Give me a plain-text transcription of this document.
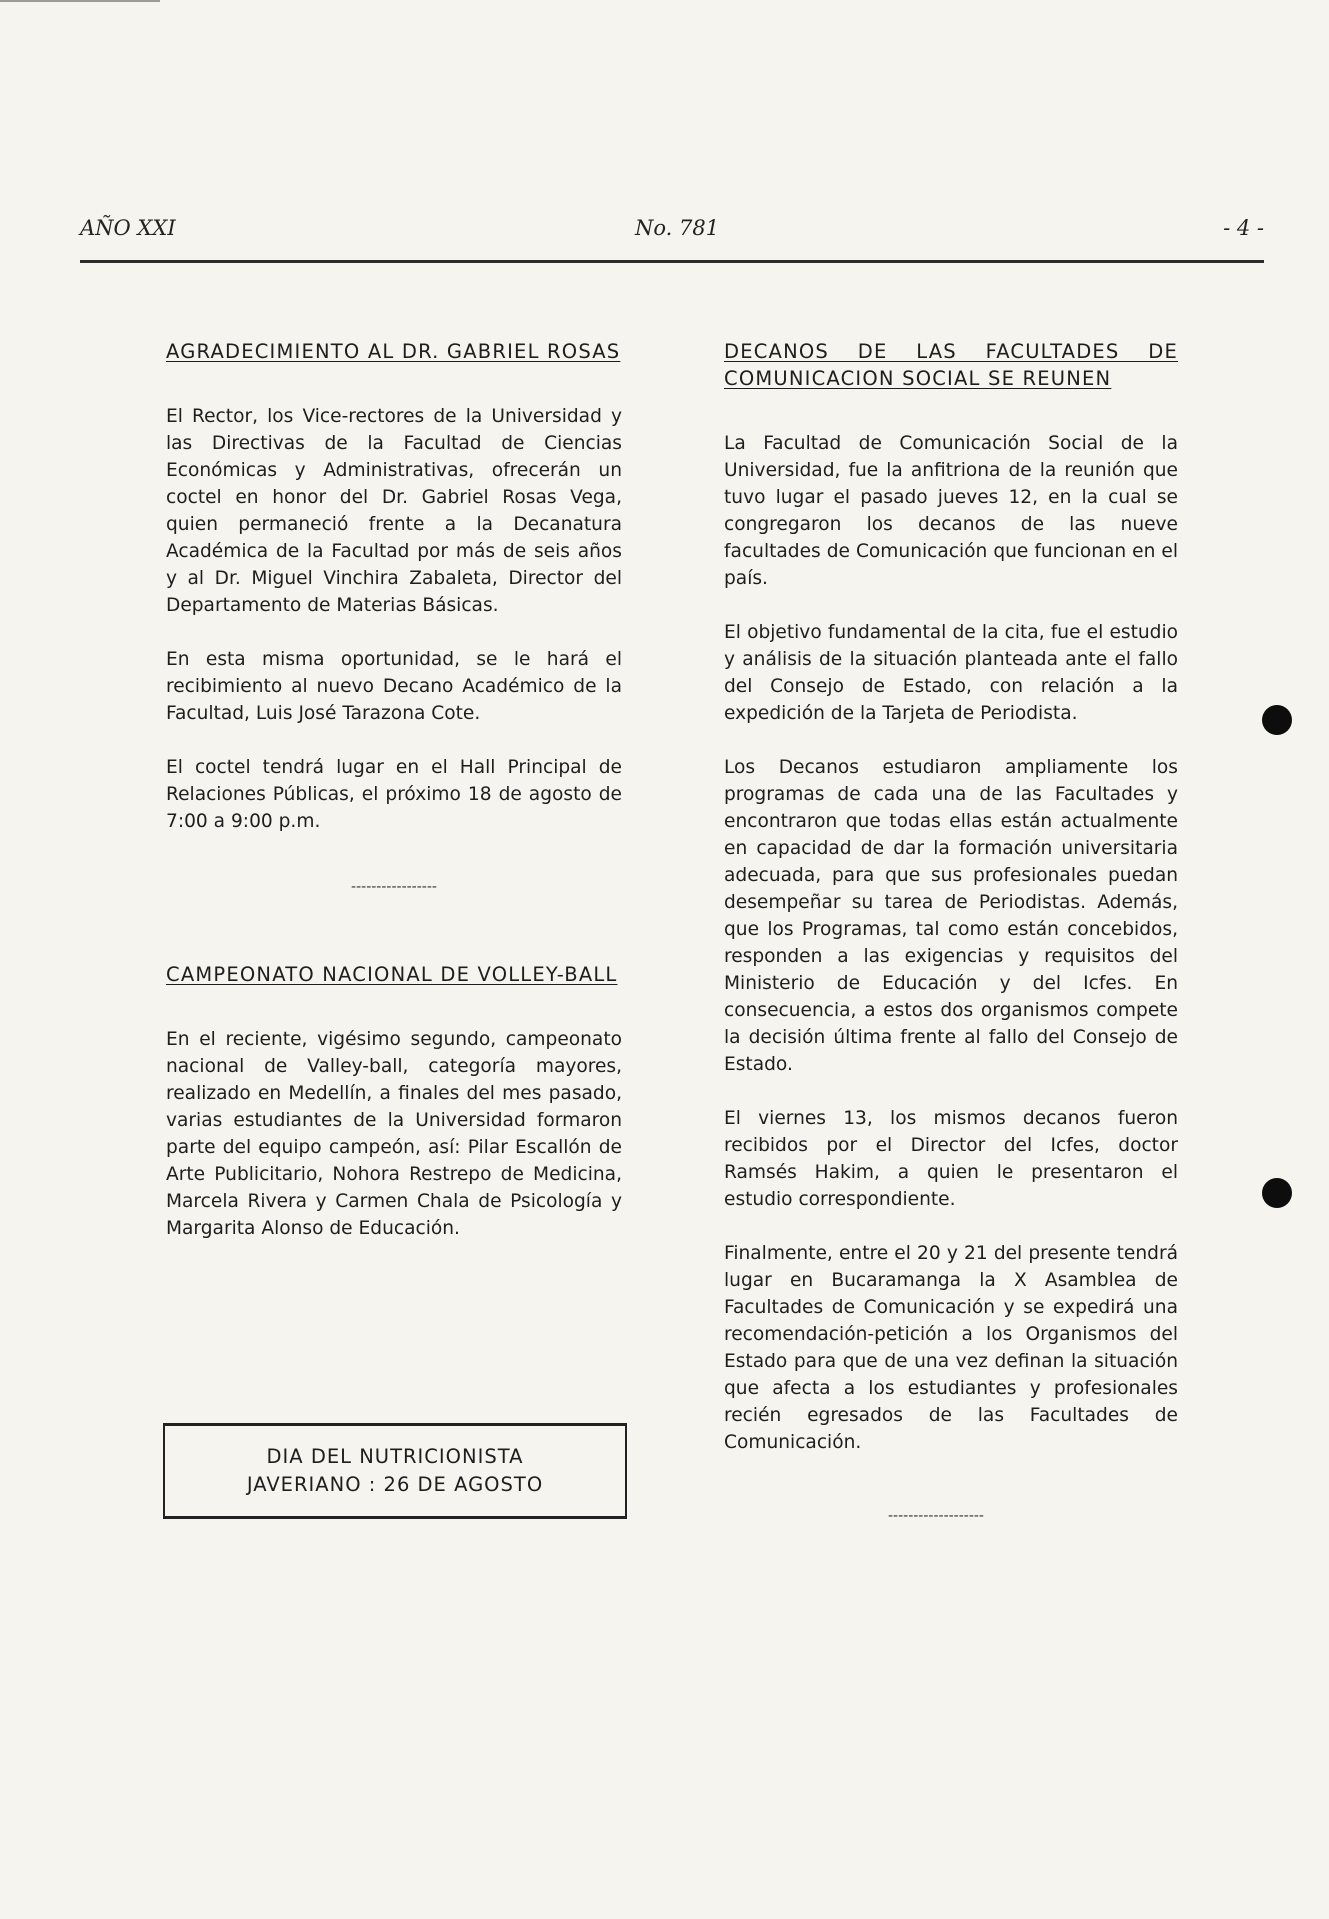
AÑO XXI	No. 781	- 4 -
AGRADECIMIENTO AL DR. GABRIEL ROSAS

El Rector, los Vice-rectores de la Universidad y las Directivas de la Facultad de Ciencias Económicas y Administrativas, ofrecerán un coctel en honor del Dr. Gabriel Rosas Vega, quien permaneció frente a la Decanatura Académica de la Facultad por más de seis años y al Dr. Miguel Vinchira Zabaleta, Director del Departamento de Materias Básicas.

En esta misma oportunidad, se le hará el recibimiento al nuevo Decano Académico de la Facultad, Luis José Tarazona Cote.

El coctel tendrá lugar en el Hall Principal de Relaciones Públicas, el próximo 18 de agosto de 7:00 a 9:00 p.m.

-----------------
CAMPEONATO NACIONAL DE VOLLEY-BALL

En el reciente, vigésimo segundo, campeonato nacional de Valley-ball, categoría mayores, realizado en Medellín, a finales del mes pasado, varias estudiantes de la Universidad formaron parte del equipo campeón, así: Pilar Escallón de Arte Publicitario, Nohora Restrepo de Medicina, Marcela Rivera y Carmen Chala de Psicología y Margarita Alonso de Educación.

DIA DEL NUTRICIONISTA
JAVERIANO : 26 DE AGOSTO
DECANOS DE LAS FACULTADES DE COMUNICACION SOCIAL SE REUNEN

La Facultad de Comunicación Social de la Universidad, fue la anfitriona de la reunión que tuvo lugar el pasado jueves 12, en la cual se congregaron los decanos de las nueve facultades de Comunicación que funcionan en el país.

El objetivo fundamental de la cita, fue el estudio y análisis de la situación planteada ante el fallo del Consejo de Estado, con relación a la expedición de la Tarjeta de Periodista.

Los Decanos estudiaron ampliamente los programas de cada una de las Facultades y encontraron que todas ellas están actualmente en capacidad de dar la formación universitaria adecuada, para que sus profesionales puedan desempeñar su tarea de Periodistas. Además, que los Programas, tal como están concebidos, responden a las exigencias y requisitos del Ministerio de Educación y del Icfes. En consecuencia, a estos dos organismos compete la decisión última frente al fallo del Consejo de Estado.

El viernes 13, los mismos decanos fueron recibidos por el Director del Icfes, doctor Ramsés Hakim, a quien le presentaron el estudio correspondiente.

Finalmente, entre el 20 y 21 del presente tendrá lugar en Bucaramanga la X Asamblea de Facultades de Comunicación y se expedirá una recomendación-petición a los Organismos del Estado para que de una vez definan la situación que afecta a los estudiantes y profesionales recién egresados de las Facultades de Comunicación.

-------------------
